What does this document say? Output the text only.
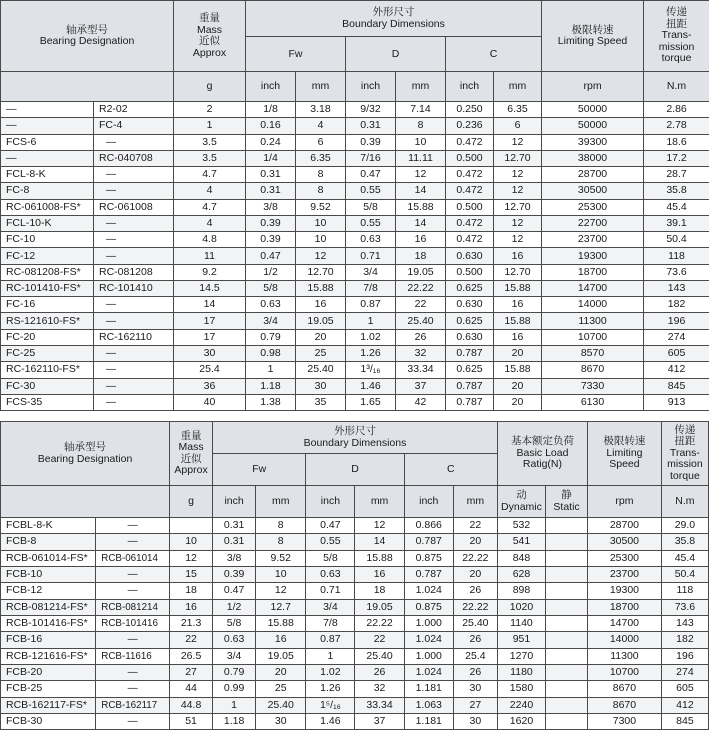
轴承型号
Bearing Designation		重量
Mass
近似
Approx	外形尺寸
Boundary Dimensions						极限转速
Limiting Speed	传递
扭距
Trans-
mission
torque
			Fw		D		C			
		g	inch	mm	inch	mm	inch	mm	rpm	N.m
—	R2-02	2	1/8	3.18	9/32	7.14	0.250	6.35	50000	2.86
—	FC-4	1	0.16	4	0.31	8	0.236	6	50000	2.78
FCS-6	—	3.5	0.24	6	0.39	10	0.472	12	39300	18.6
—	RC-040708	3.5	1/4	6.35	7/16	11.11	0.500	12.70	38000	17.2
FCL-8-K	—	4.7	0.31	8	0.47	12	0.472	12	28700	28.7
FC-8	—	4	0.31	8	0.55	14	0.472	12	30500	35.8
RC-061008-FS*	RC-061008	4.7	3/8	9.52	5/8	15.88	0.500	12.70	25300	45.4
FCL-10-K	—	4	0.39	10	0.55	14	0.472	12	22700	39.1
FC-10	—	4.8	0.39	10	0.63	16	0.472	12	23700	50.4
FC-12	—	11	0.47	12	0.71	18	0.630	16	19300	118
RC-081208-FS*	RC-081208	9.2	1/2	12.70	3/4	19.05	0.500	12.70	18700	73.6
RC-101410-FS*	RC-101410	14.5	5/8	15.88	7/8	22.22	0.625	15.88	14700	143
FC-16	—	14	0.63	16	0.87	22	0.630	16	14000	182
RS-121610-FS*	—	17	3/4	19.05	1	25.40	0.625	15.88	11300	196
FC-20	RC-162110	17	0.79	20	1.02	26	0.630	16	10700	274
FC-25	—	30	0.98	25	1.26	32	0.787	20	8570	605
RC-162110-FS*	—	25.4	1	25.40	1³/₁₆	33.34	0.625	15.88	8670	412
FC-30	—	36	1.18	30	1.46	37	0.787	20	7330	845
FCS-35	—	40	1.38	35	1.65	42	0.787	20	6130	913
轴承型号
Bearing Designation		重量
Mass
近似
Approx	外形尺寸
Boundary Dimensions						基本额定负荷
Basic Load
Ratig(N)		极限转速
Limiting
Speed	传递
扭距
Trans-
mission
torque
			Fw		D		C					
		g	inch	mm	inch	mm	inch	mm	动
Dynamic	静
Static	rpm	N.m
FCBL-8-K	—		0.31	8	0.47	12	0.866	22	532		28700	29.0
FCB-8	—	10	0.31	8	0.55	14	0.787	20	541		30500	35.8
RCB-061014-FS*	RCB-061014	12	3/8	9.52	5/8	15.88	0.875	22.22	848		25300	45.4
FCB-10	—	15	0.39	10	0.63	16	0.787	20	628		23700	50.4
FCB-12	—	18	0.47	12	0.71	18	1.024	26	898		19300	118
RCB-081214-FS*	RCB-081214	16	1/2	12.7	3/4	19.05	0.875	22.22	1020		18700	73.6
RCB-101416-FS*	RCB-101416	21.3	5/8	15.88	7/8	22.22	1.000	25.40	1140		14700	143
FCB-16	—	22	0.63	16	0.87	22	1.024	26	951		14000	182
RCB-121616-FS*	RCB-11616	26.5	3/4	19.05	1	25.40	1.000	25.4	1270		11300	196
FCB-20	—	27	0.79	20	1.02	26	1.024	26	1180		10700	274
FCB-25	—	44	0.99	25	1.26	32	1.181	30	1580		8670	605
RCB-162117-FS*	RCB-162117	44.8	1	25.40	1⁵/₁₆	33.34	1.063	27	2240		8670	412
FCB-30	—	51	1.18	30	1.46	37	1.181	30	1620		7300	845
